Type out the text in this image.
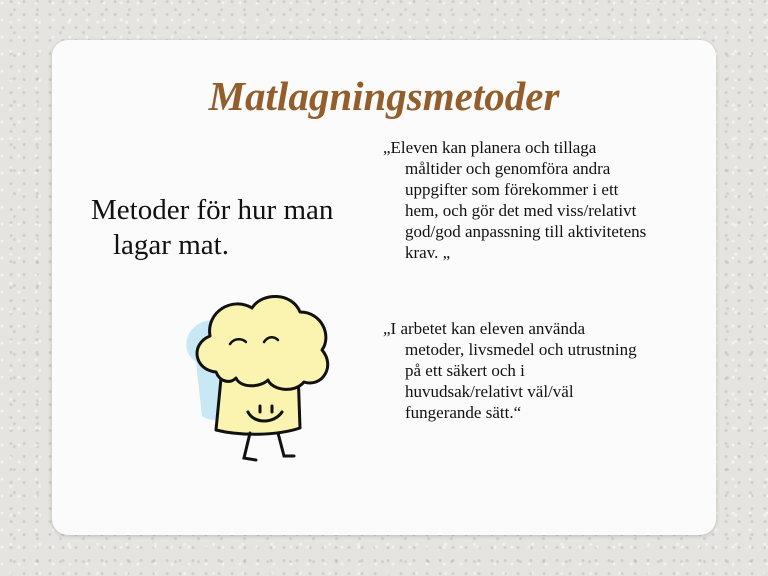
Matlagningsmetoder
Metoder för hur man
lagar mat.
„Eleven kan planera och tillaga
måltider och genomföra andra
uppgifter som förekommer i ett
hem, och gör det med viss/relativt
god/god anpassning till aktivitetens
krav. „
„I arbetet kan eleven använda
metoder, livsmedel och utrustning
på ett säkert och i
huvudsak/relativt väl/väl
fungerande sätt.“
